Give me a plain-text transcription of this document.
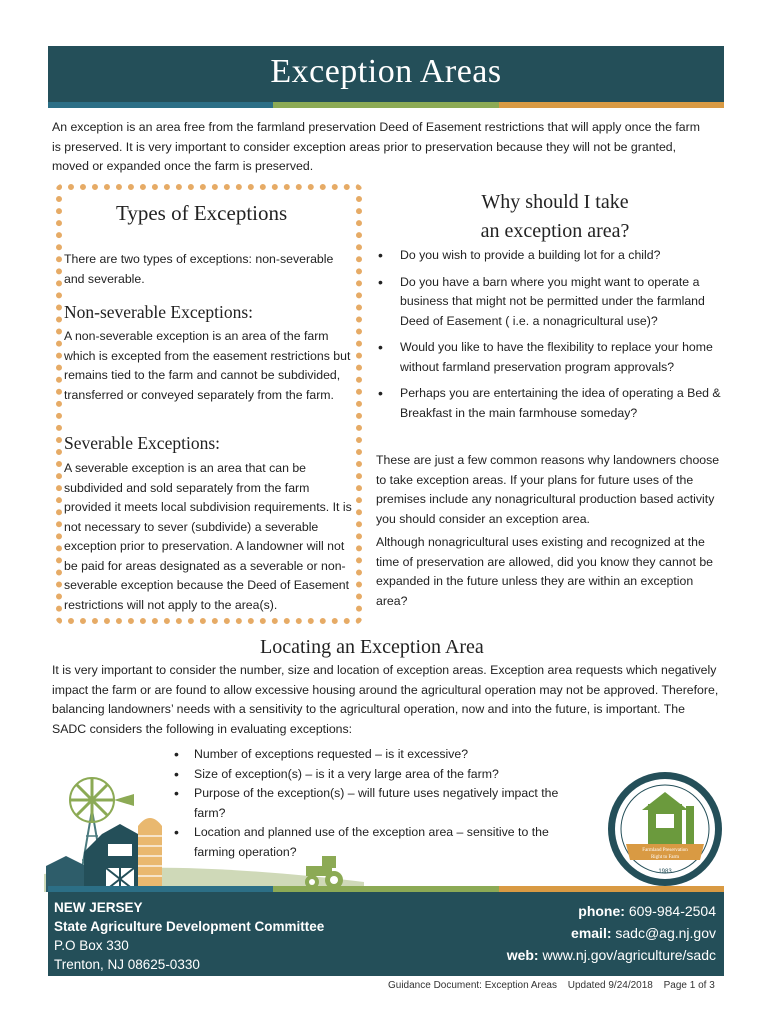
Exception Areas

An exception is an area free from the farmland preservation Deed of Easement restrictions that will apply once the farm is preserved. It is very important to consider exception areas prior to preservation because they will not be granted, moved or expanded once the farm is preserved.

Types of Exceptions

There are two types of exceptions: non-severable and severable.

Non-severable Exceptions:

A non-severable exception is an area of the farm which is excepted from the easement restrictions but remains tied to the farm and cannot be subdivided, transferred or conveyed separately from the farm.

Severable Exceptions:

A severable exception is an area that can be subdivided and sold separately from the farm provided it meets local subdivision requirements. It is not necessary to sever (subdivide) a severable exception prior to preservation. A landowner will not be paid for areas designated as a severable or non-severable exception because the Deed of Easement restrictions will not apply to the area(s).

Why should I take
an exception area?
• Do you wish to provide a building lot for a child?
• Do you have a barn where you might want to operate a business that might not be permitted under the farmland Deed of Easement ( i.e. a nonagricultural use)?
• Would you like to have the flexibility to replace your home without farmland preservation program approvals?
• Perhaps you are entertaining the idea of operating a Bed & Breakfast in the main farmhouse someday?

These are just a few common reasons why landowners choose to take exception areas. If your plans for future uses of the premises include any nonagricultural production based activity you should consider an exception area.

Although nonagricultural uses existing and recognized at the time of preservation are allowed, did you know they cannot be expanded in the future unless they are within an exception area?

Locating an Exception Area

It is very important to consider the number, size and location of exception areas. Exception area requests which negatively impact the farm or are found to allow excessive housing around the agricultural operation may not be approved. Therefore, balancing landowners’ needs with a sensitivity to the agricultural operation, now and into the future, is important. The SADC considers the following in evaluating exceptions:

• Number of exceptions requested – is it excessive?
• Size of exception(s) – is it a very large area of the farm?
• Purpose of the exception(s) – will future uses negatively impact the farm?
• Location and planned use of the exception area – sensitive to the farming operation?	Farmland Preservation
Right to Farm
1983
NEW JERSEY
State Agriculture Development Committee
P.O Box 330
Trenton, NJ 08625-0330
phone: 609-984-2504
email: sadc@ag.nj.gov
web: www.nj.gov/agriculture/sadc
Guidance Document: Exception Areas Updated 9/24/2018 Page 1 of 3
